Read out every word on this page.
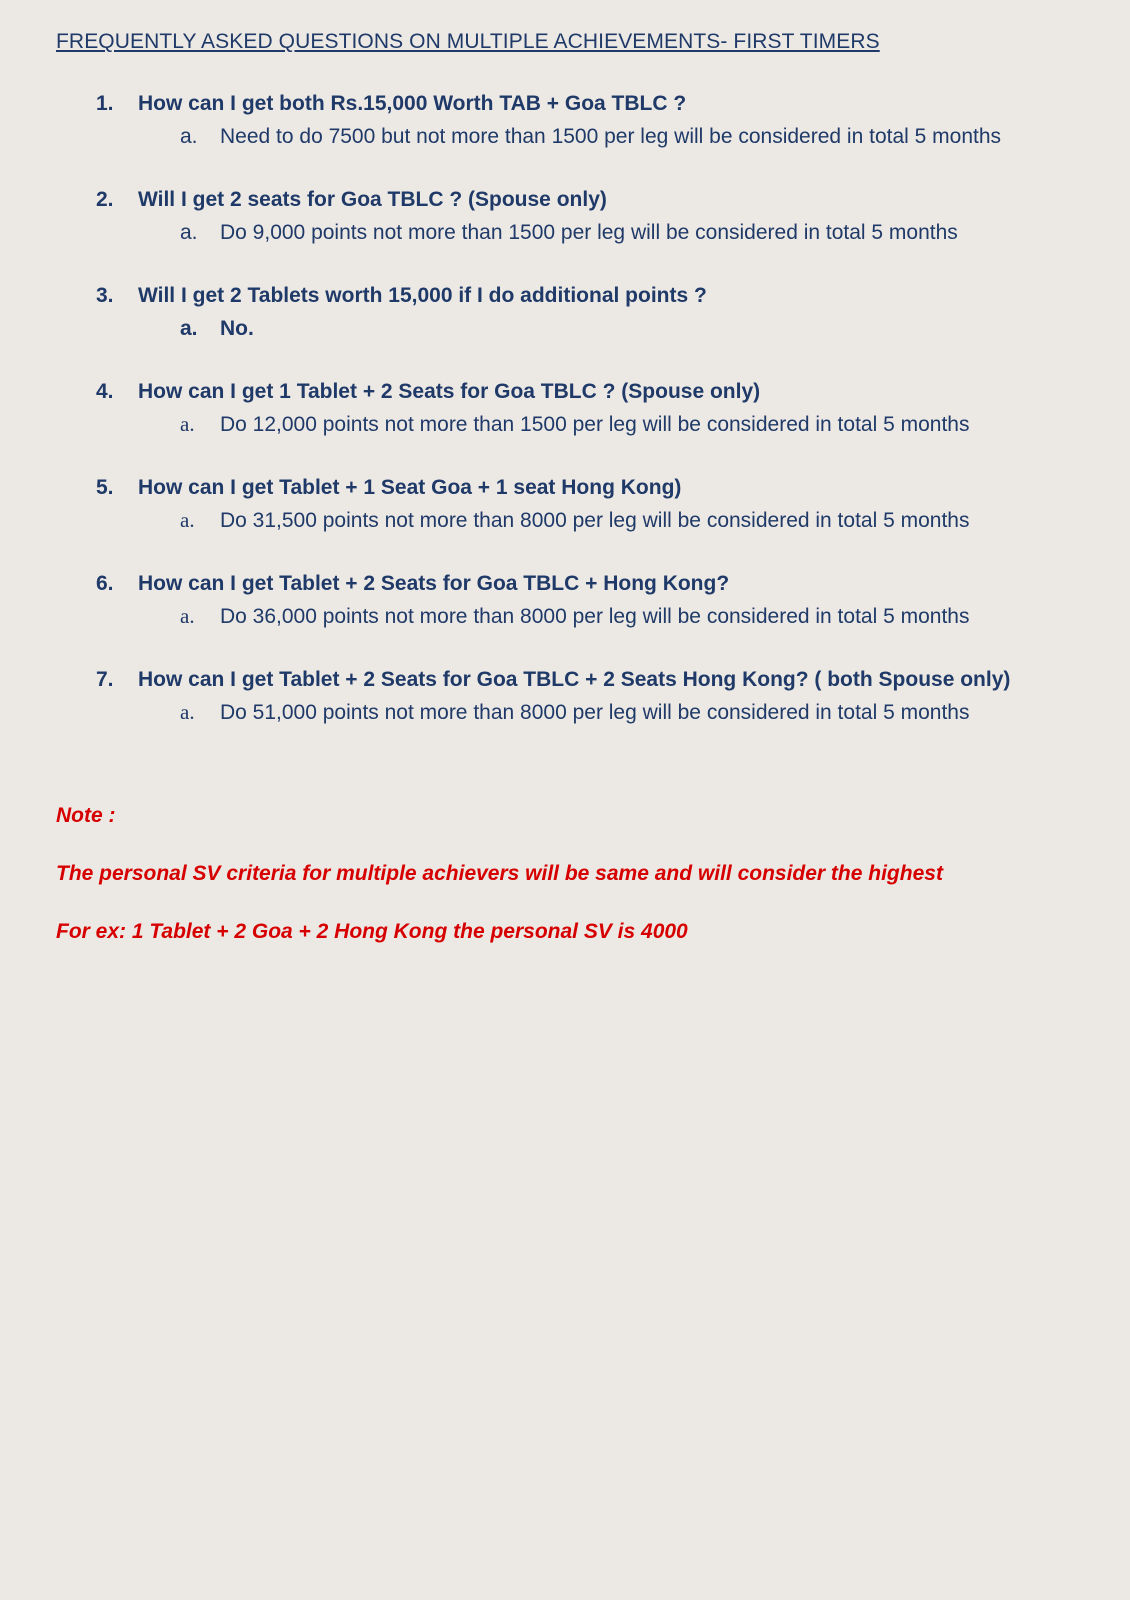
FREQUENTLY ASKED QUESTIONS ON MULTIPLE ACHIEVEMENTS- FIRST TIMERS
1.	How can I get both Rs.15,000 Worth TAB + Goa TBLC ?
a.	Need to do 7500 but not more than 1500 per leg will be considered in total 5 months
2.	Will I get 2 seats for Goa TBLC ? (Spouse only)
a.	Do 9,000 points not more than 1500 per leg will be considered in total 5 months
3.	Will I get 2 Tablets worth 15,000 if I do additional points ?
a.	No.
4.	How can I get 1 Tablet + 2 Seats for Goa TBLC ? (Spouse only)
a.	Do 12,000 points not more than 1500 per leg will be considered in total 5 months
5.	How can I get Tablet + 1 Seat Goa + 1 seat Hong Kong)
a.	Do 31,500 points not more than 8000 per leg will be considered in total 5 months
6.	How can I get Tablet + 2 Seats for Goa TBLC + Hong Kong?
a.	Do 36,000 points not more than 8000 per leg will be considered in total 5 months
7.	How can I get Tablet + 2 Seats for Goa TBLC + 2 Seats Hong Kong? ( both Spouse only)
a.	Do 51,000 points not more than 8000 per leg will be considered in total 5 months

Note :

The personal SV criteria for multiple achievers will be same and will consider the highest

For ex: 1 Tablet + 2 Goa + 2 Hong Kong the personal SV is 4000
